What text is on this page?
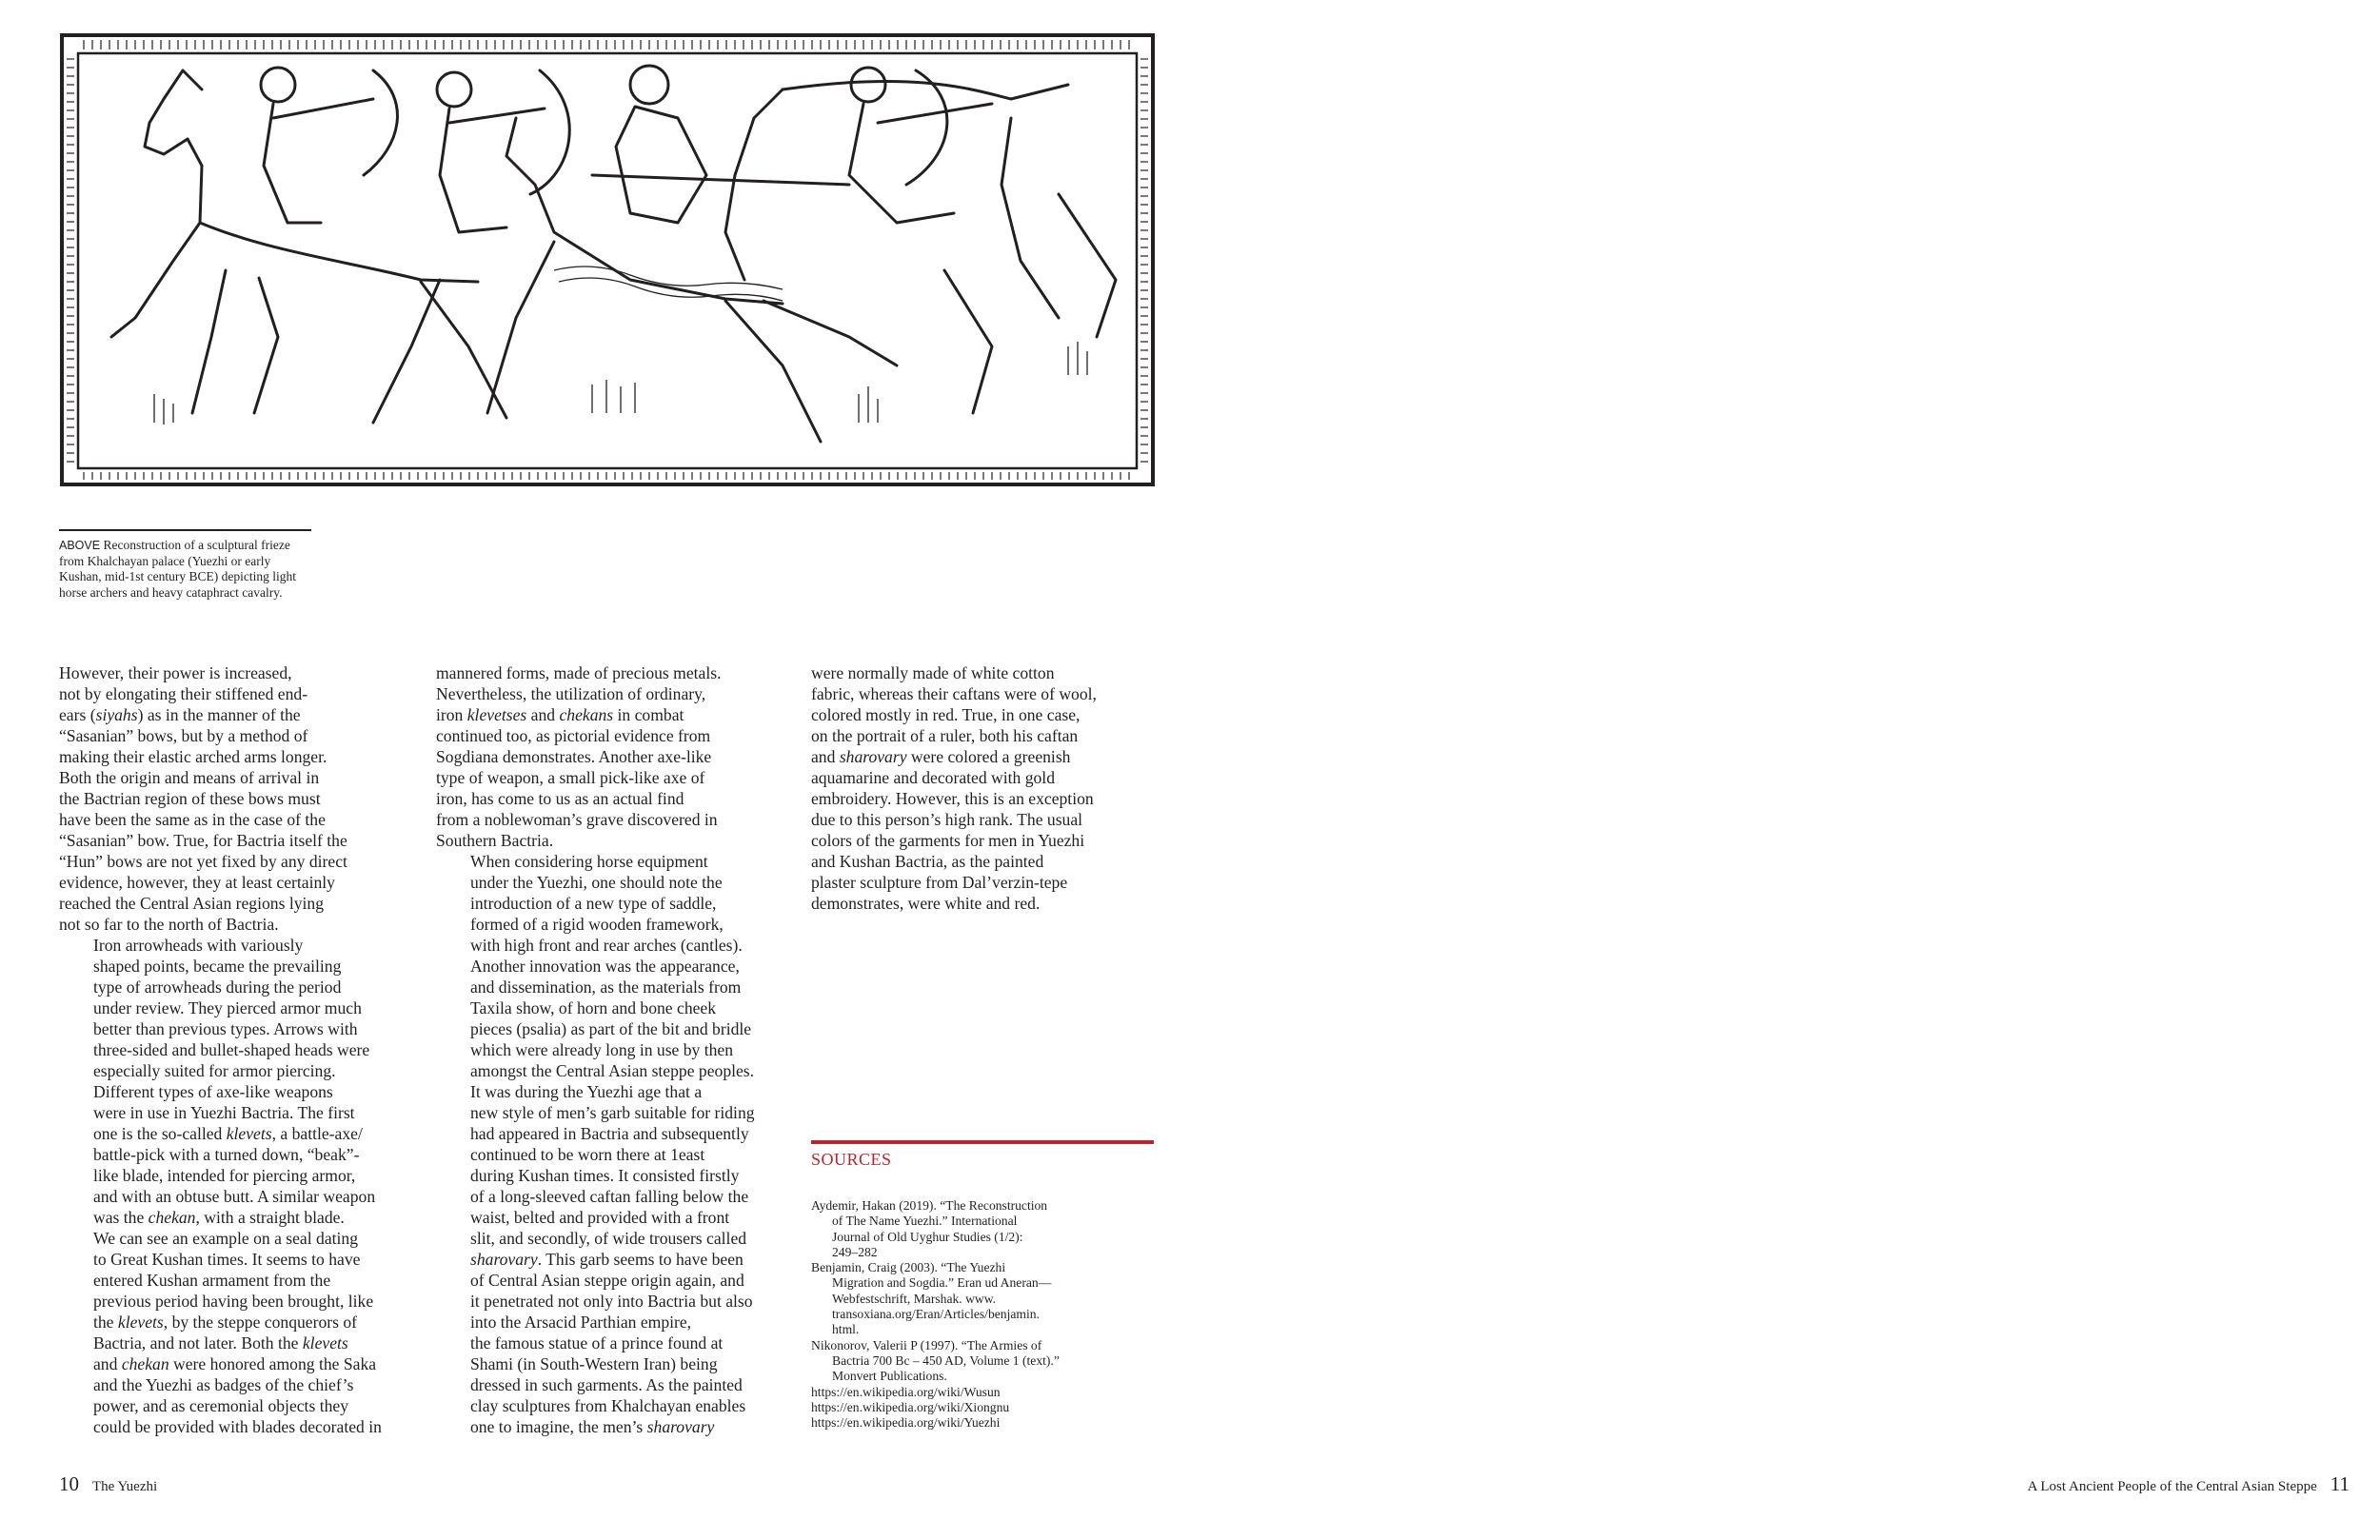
ABOVE Reconstruction of a sculptural frieze
from Khalchayan palace (Yuezhi or early
Kushan, mid-1st century BCE) depicting light
horse archers and heavy cataphract cavalry.

However, their power is increased,
not by elongating their stiffened end-
ears (siyahs) as in the manner of the
“Sasanian” bows, but by a method of
making their elastic arched arms longer.
Both the origin and means of arrival in
the Bactrian region of these bows must
have been the same as in the case of the
“Sasanian” bow. True, for Bactria itself the
“Hun” bows are not yet fixed by any direct
evidence, however, they at least certainly
reached the Central Asian regions lying
not so far to the north of Bactria.

Iron arrowheads with variously
shaped points, became the prevailing
type of arrowheads during the period
under review. They pierced armor much
better than previous types. Arrows with
three-sided and bullet-shaped heads were
especially suited for armor piercing.

Different types of axe-like weapons
were in use in Yuezhi Bactria. The first
one is the so-called klevets, a battle-axe/
battle-pick with a turned down, “beak”-
like blade, intended for piercing armor,
and with an obtuse butt. A similar weapon
was the chekan, with a straight blade.
We can see an example on a seal dating
to Great Kushan times. It seems to have
entered Kushan armament from the
previous period having been brought, like
the klevets, by the steppe conquerors of
Bactria, and not later. Both the klevets
and chekan were honored among the Saka
and the Yuezhi as badges of the chief’s
power, and as ceremonial objects they
could be provided with blades decorated in

mannered forms, made of precious metals.
Nevertheless, the utilization of ordinary,
iron klevetses and chekans in combat
continued too, as pictorial evidence from
Sogdiana demonstrates. Another axe-like
type of weapon, a small pick-like axe of
iron, has come to us as an actual find
from a noblewoman’s grave discovered in
Southern Bactria.

When considering horse equipment
under the Yuezhi, one should note the
introduction of a new type of saddle,
formed of a rigid wooden framework,
with high front and rear arches (cantles).
Another innovation was the appearance,
and dissemination, as the materials from
Taxila show, of horn and bone cheek
pieces (psalia) as part of the bit and bridle
which were already long in use by then
amongst the Central Asian steppe peoples.

It was during the Yuezhi age that a
new style of men’s garb suitable for riding
had appeared in Bactria and subsequently
continued to be worn there at 1east
during Kushan times. It consisted firstly
of a long-sleeved caftan falling below the
waist, belted and provided with a front
slit, and secondly, of wide trousers called
sharovary. This garb seems to have been
of Central Asian steppe origin again, and
it penetrated not only into Bactria but also
into the Arsacid Parthian empire,
the famous statue of a prince found at
Shami (in South-Western Iran) being
dressed in such garments. As the painted
clay sculptures from Khalchayan enables
one to imagine, the men’s sharovary

were normally made of white cotton
fabric, whereas their caftans were of wool,
colored mostly in red. True, in one case,
on the portrait of a ruler, both his caftan
and sharovary were colored a greenish
aquamarine and decorated with gold
embroidery. However, this is an exception
due to this person’s high rank. The usual
colors of the garments for men in Yuezhi
and Kushan Bactria, as the painted
plaster sculpture from Dal’verzin-tepe
demonstrates, were white and red.

SOURCES
Aydemir, Hakan (2019). “The Reconstruction
of The Name Yuezhi.” International
Journal of Old Uyghur Studies (1/2):
249–282
Benjamin, Craig (2003). “The Yuezhi
Migration and Sogdia.” Eran ud Aneran—
Webfestschrift, Marshak. www.
transoxiana.org/Eran/Articles/benjamin.
html.
Nikonorov, Valerii P (1997). “The Armies of
Bactria 700 Bc – 450 AD, Volume 1 (text).”
Monvert Publications.
https://en.wikipedia.org/wiki/Wusun
https://en.wikipedia.org/wiki/Xiongnu
https://en.wikipedia.org/wiki/Yuezhi
10 The Yuezhi	A Lost Ancient People of the Central Asian Steppe 11
